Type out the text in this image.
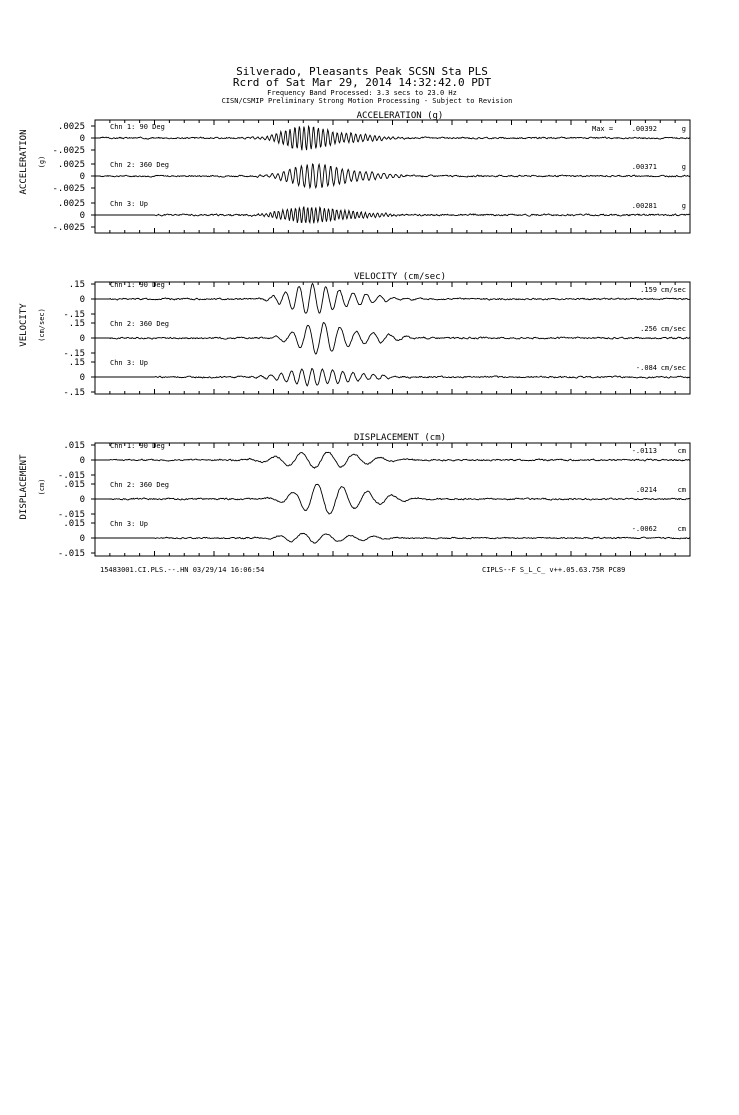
Silverado, Pleasants Peak SCSN Sta PLS
Rcrd of Sat Mar 29, 2014 14:32:42.0 PDT
Frequency Band Processed: 3.3 secs to 23.0 Hz
CISN/CSMIP Preliminary Strong Motion Processing - Subject to Revision
ACCELERATION (g)
ACCELERATION (g)
.0025
0
-.0025
Chn 1: 90 Deg	Max =	.00392	g
.0025
0
-.0025
Chn 2: 360 Deg	.00371	g
.0025
0
-.0025
Chn 3: Up	.00281	g
VELOCITY (cm/sec)
VELOCITY (cm/sec)
.15
0
-.15
Chn 1: 90 Deg
.159 cm/sec
.15
0
-.15
Chn 2: 360 Deg
.256 cm/sec
.15
0
-.15
Chn 3: Up
-.084 cm/sec
DISPLACEMENT (cm)
DISPLACEMENT (cm)
.015
0
-.015
Chn 1: 90 Deg
-.0113	cm
.015
0
-.015
Chn 2: 360 Deg
.0214	cm
.015
0
-.015
Chn 3: Up
-.0062	cm
15483001.CI.PLS.--.HN 03/29/14 16:06:54	CIPLS--F S_L_C_ v++.05.63.75R PC89
